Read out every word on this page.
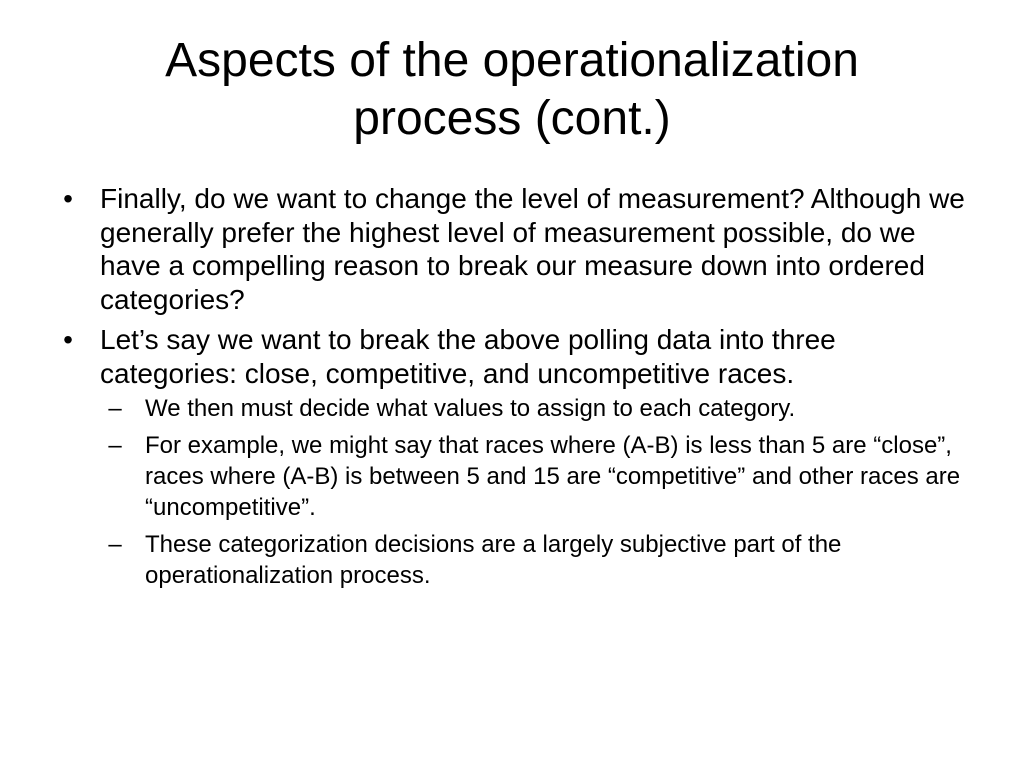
Aspects of the operationalization
process (cont.)
• Finally, do we want to change the level of measurement? Although we generally prefer the highest level of measurement possible, do we have a compelling reason to break our measure down into ordered categories?
• Let’s say we want to break the above polling data into three categories: close, competitive, and uncompetitive races.
– We then must decide what values to assign to each category.
– For example, we might say that races where (A-B) is less than 5 are “close”, races where (A-B) is between 5 and 15 are “competitive” and other races are “uncompetitive”.
– These categorization decisions are a largely subjective part of the operationalization process.
